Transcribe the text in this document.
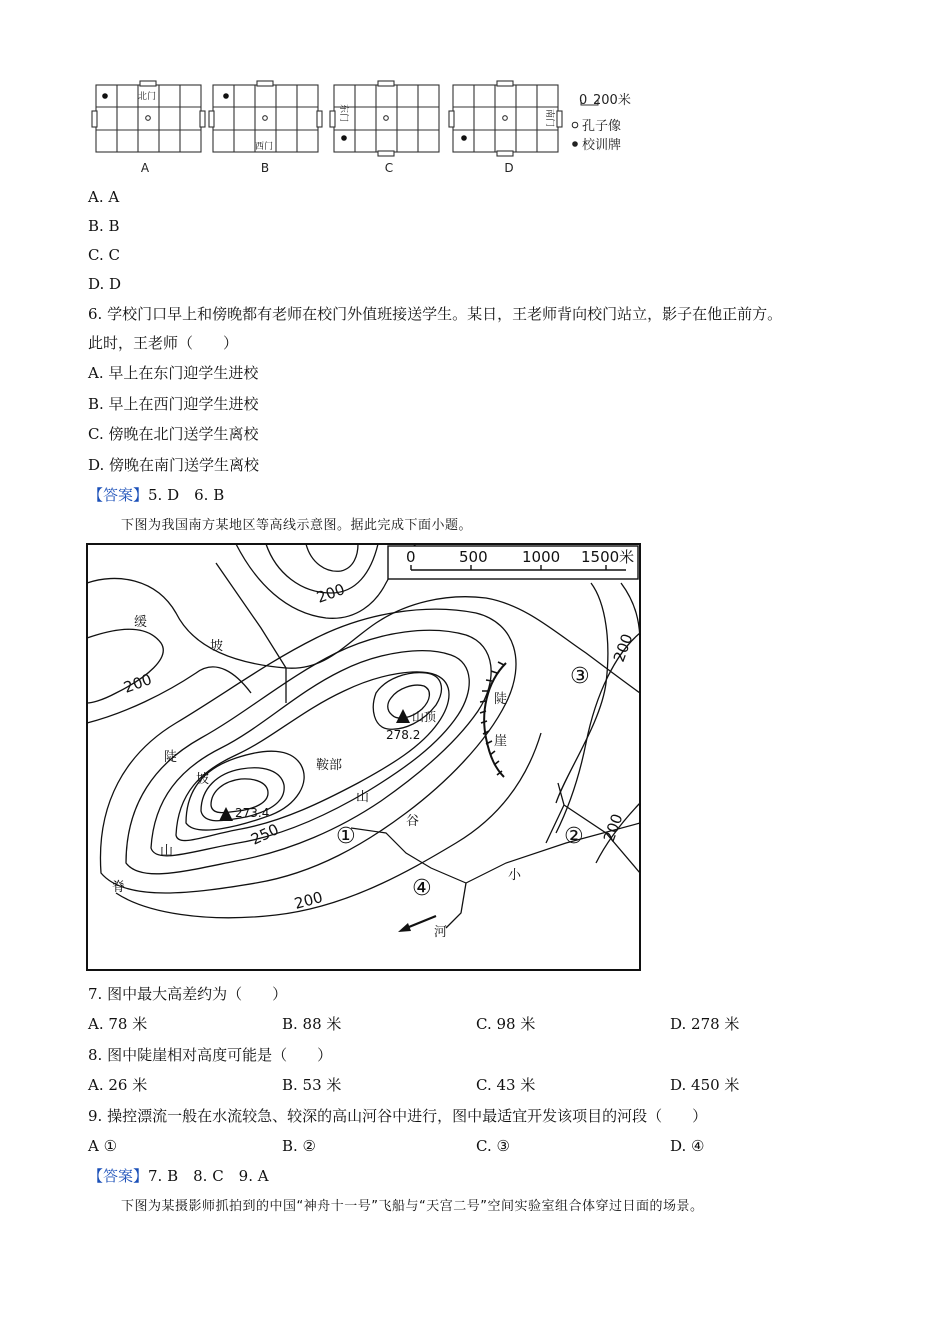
北门
西门
东门	南门
A	B	C	D
0 200米
孔子像
校训牌
A. A
B. B
C. C
D. D
6. 学校门口早上和傍晚都有老师在校门外值班接送学生。某日，王老师背向校门站立，影子在他正前方。
此时，王老师（　　）
A. 早上在东门迎学生进校
B. 早上在西门迎学生进校
C. 傍晚在北门送学生离校
D. 傍晚在南门送学生离校
【答案】5. D　6. B
下图为我国南方某地区等高线示意图。据此完成下面小题。
0	500 1000 1500米
200
200
200
200
200
250
山顶
278.2
273.4
缓
坡
陡
坡
山
脊
鞍部
山
谷
陡
崖
小
河
①	②
③
④
7. 图中最大高差约为（　　）
A. 78 米	B. 88 米	C. 98 米	D. 278 米
8. 图中陡崖相对高度可能是（　　）
A. 26 米	B. 53 米	C. 43 米	D. 450 米
9. 操控漂流一般在水流较急、较深的高山河谷中进行，图中最适宜开发该项目的河段（　　）
A ①	B. ②	C. ③	D. ④
【答案】7. B　8. C　9. A
下图为某摄影师抓拍到的中国“神舟十一号”飞船与“天宫二号”空间实验室组合体穿过日面的场景。
